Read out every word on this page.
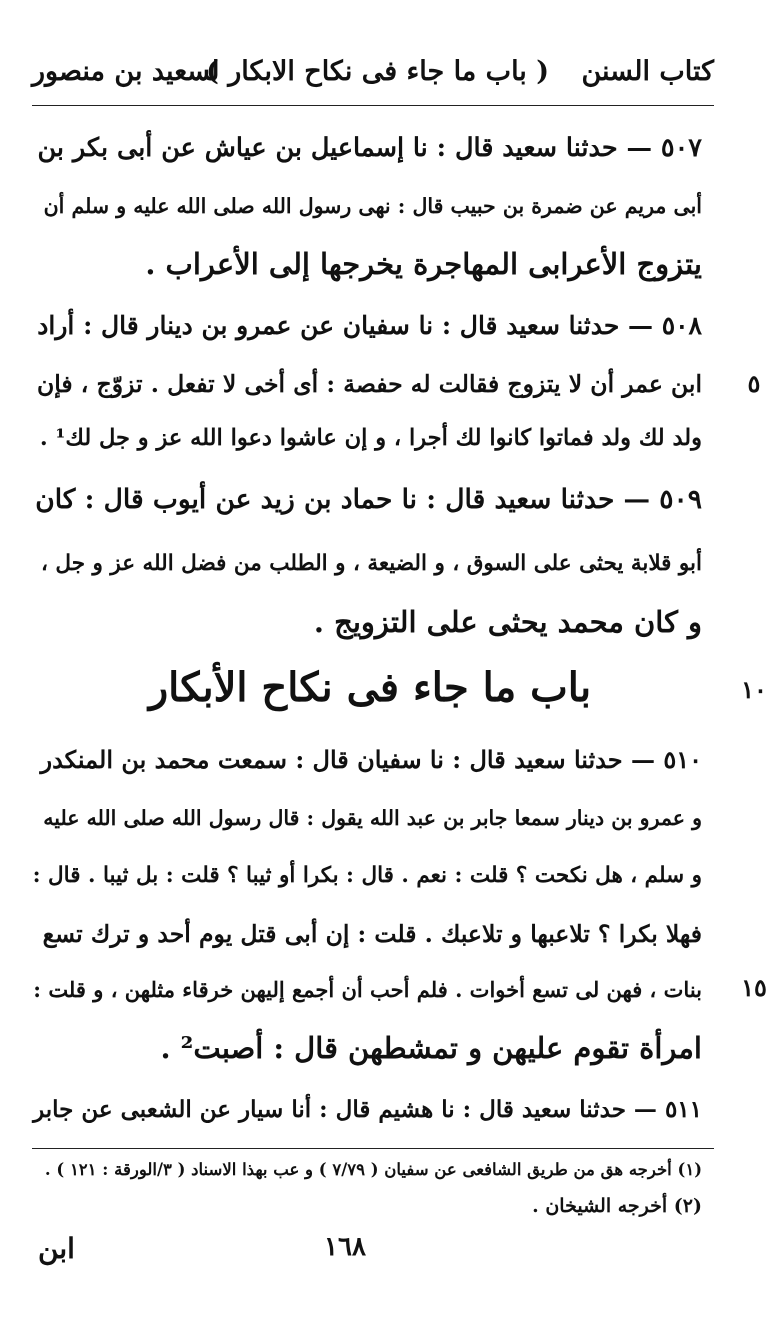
كتاب السنن
( باب ما جاء فى نكاح الابكار )
لسعيد بن منصور
٥٠٧ — حدثنا سعيد قال : نا إسماعيل بن عياش عن أبى بكر بن
أبى مريم عن ضمرة بن حبيب قال : نهى رسول الله صلى الله عليه و سلم أن
يتزوج الأعرابى المهاجرة يخرجها إلى الأعراب .
٥٠٨ — حدثنا سعيد قال : نا سفيان عن عمرو بن دينار قال : أراد
ابن عمر أن لا يتزوج فقالت له حفصة : أى أخى لا تفعل . تزوّج ، فإن
ولد لك ولد فماتوا كانوا لك أجرا ، و إن عاشوا دعوا الله عز و جل لك¹ .
٥٠٩ — حدثنا سعيد قال : نا حماد بن زيد عن أيوب قال : كان
أبو قلابة يحثى على السوق ، و الضيعة ، و الطلب من فضل الله عز و جل ،
و كان محمد يحثى على التزويج .
باب ما جاء فى نكاح الأبكار
٥١٠ — حدثنا سعيد قال : نا سفيان قال : سمعت محمد بن المنكدر
و عمرو بن دينار سمعا جابر بن عبد الله يقول : قال رسول الله صلى الله عليه
و سلم ، هل نكحت ؟ قلت : نعم . قال : بكرا أو ثيبا ؟ قلت : بل ثيبا . قال :
فهلا بكرا ؟ تلاعبها و تلاعبك . قلت : إن أبى قتل يوم أحد و ترك تسع
بنات ، فهن لى تسع أخوات . فلم أحب أن أجمع إليهن خرقاء مثلهن ، و قلت :
امرأة تقوم عليهن و تمشطهن قال : أصبت² .
٥١١ — حدثنا سعيد قال : نا هشيم قال : أنا سيار عن الشعبى عن جابر
٥
١٠
١٥
(١) أخرجه هق من طريق الشافعى عن سفيان ( ٧/٧٩ ) و عب بهذا الاسناد ( ٣/الورقة : ١٢١ ) .
(٢) أخرجه الشيخان .
١٦٨
ابن
